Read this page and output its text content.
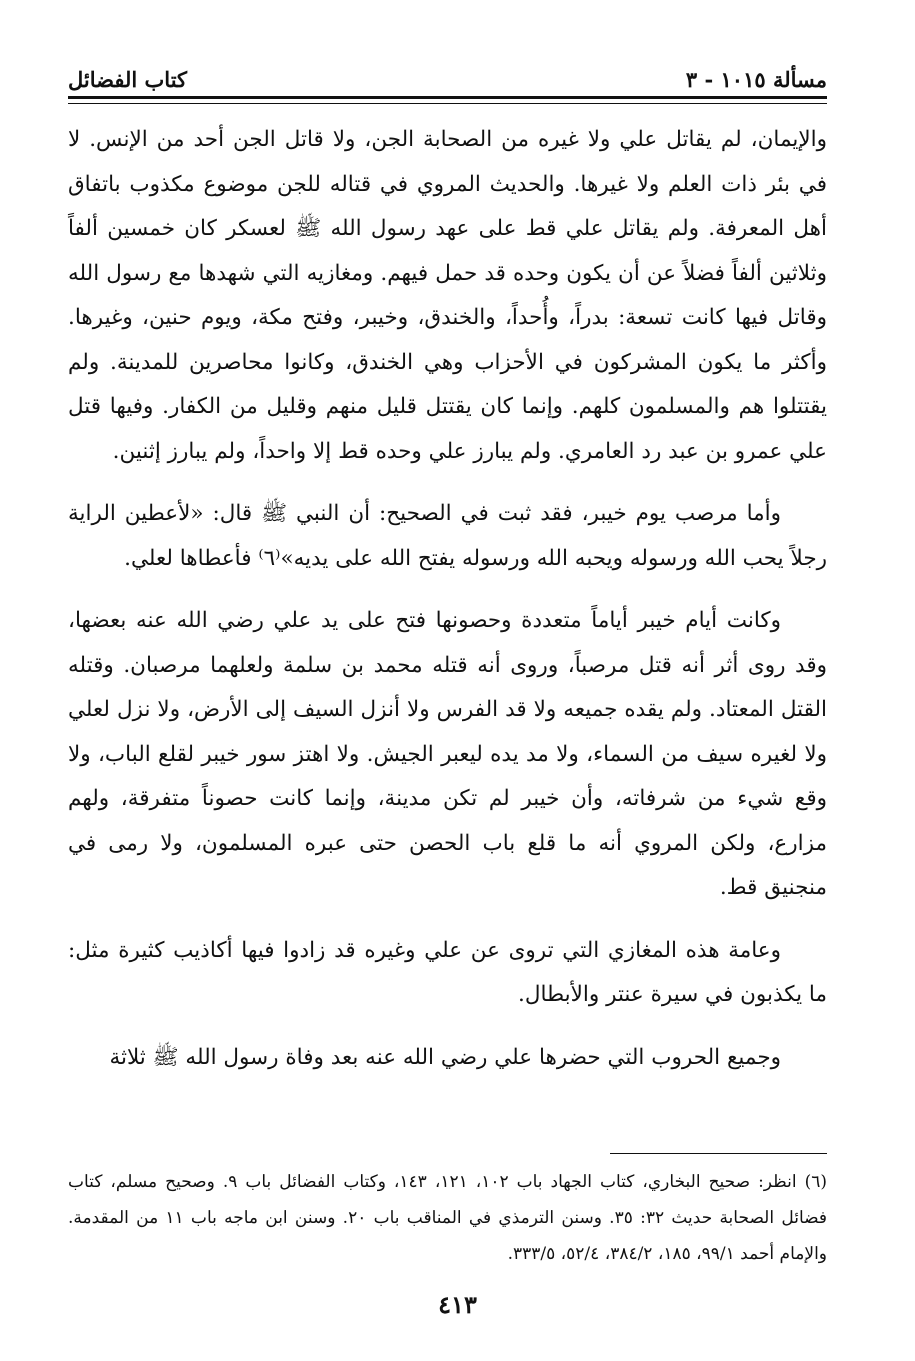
مسألة ١٠١٥ - ٣
كتاب الفضائل

والإيمان، لم يقاتل علي ولا غيره من الصحابة الجن، ولا قاتل الجن أحد من الإنس. لا في بئر ذات العلم ولا غيرها. والحديث المروي في قتاله للجن موضوع مكذوب باتفاق أهل المعرفة. ولم يقاتل علي قط على عهد رسول الله ﷺ لعسكر كان خمسين ألفاً وثلاثين ألفاً فضلاً عن أن يكون وحده قد حمل فيهم. ومغازيه التي شهدها مع رسول الله وقاتل فيها كانت تسعة: بدراً، وأُحداً، والخندق، وخيبر، وفتح مكة، ويوم حنين، وغيرها. وأكثر ما يكون المشركون في الأحزاب وهي الخندق، وكانوا محاصرين للمدينة. ولم يقتتلوا هم والمسلمون كلهم. وإنما كان يقتتل قليل منهم وقليل من الكفار. وفيها قتل علي عمرو بن عبد رد العامري. ولم يبارز علي وحده قط إلا واحداً، ولم يبارز إثنين.

وأما مرصب يوم خيبر، فقد ثبت في الصحيح: أن النبي ﷺ قال: «لأعطين الراية رجلاً يحب الله ورسوله ويحبه الله ورسوله يفتح الله على يديه»⁽٦⁾ فأعطاها لعلي.

وكانت أيام خيبر أياماً متعددة وحصونها فتح على يد علي رضي الله عنه بعضها، وقد روى أثر أنه قتل مرصباً، وروى أنه قتله محمد بن سلمة ولعلهما مرصبان. وقتله القتل المعتاد. ولم يقده جميعه ولا قد الفرس ولا أنزل السيف إلى الأرض، ولا نزل لعلي ولا لغيره سيف من السماء، ولا مد يده ليعبر الجيش. ولا اهتز سور خيبر لقلع الباب، ولا وقع شيء من شرفاته، وأن خيبر لم تكن مدينة، وإنما كانت حصوناً متفرقة، ولهم مزارع، ولكن المروي أنه ما قلع باب الحصن حتى عبره المسلمون، ولا رمى في منجنيق قط.

وعامة هذه المغازي التي تروى عن علي وغيره قد زادوا فيها أكاذيب كثيرة مثل: ما يكذبون في سيرة عنتر والأبطال.

وجميع الحروب التي حضرها علي رضي الله عنه بعد وفاة رسول الله ﷺ ثلاثة

(٦) انظر: صحيح البخاري، كتاب الجهاد باب ١٠٢، ١٢١، ١٤٣، وكتاب الفضائل باب ٩. وصحيح مسلم، كتاب فضائل الصحابة حديث ٣٢: ٣٥. وسنن الترمذي في المناقب باب ٢٠. وسنن ابن ماجه باب ١١ من المقدمة. والإمام أحمد ٩٩/١، ١٨٥، ٣٨٤/٢، ٥٢/٤، ٣٣٣/٥.

٤١٣
